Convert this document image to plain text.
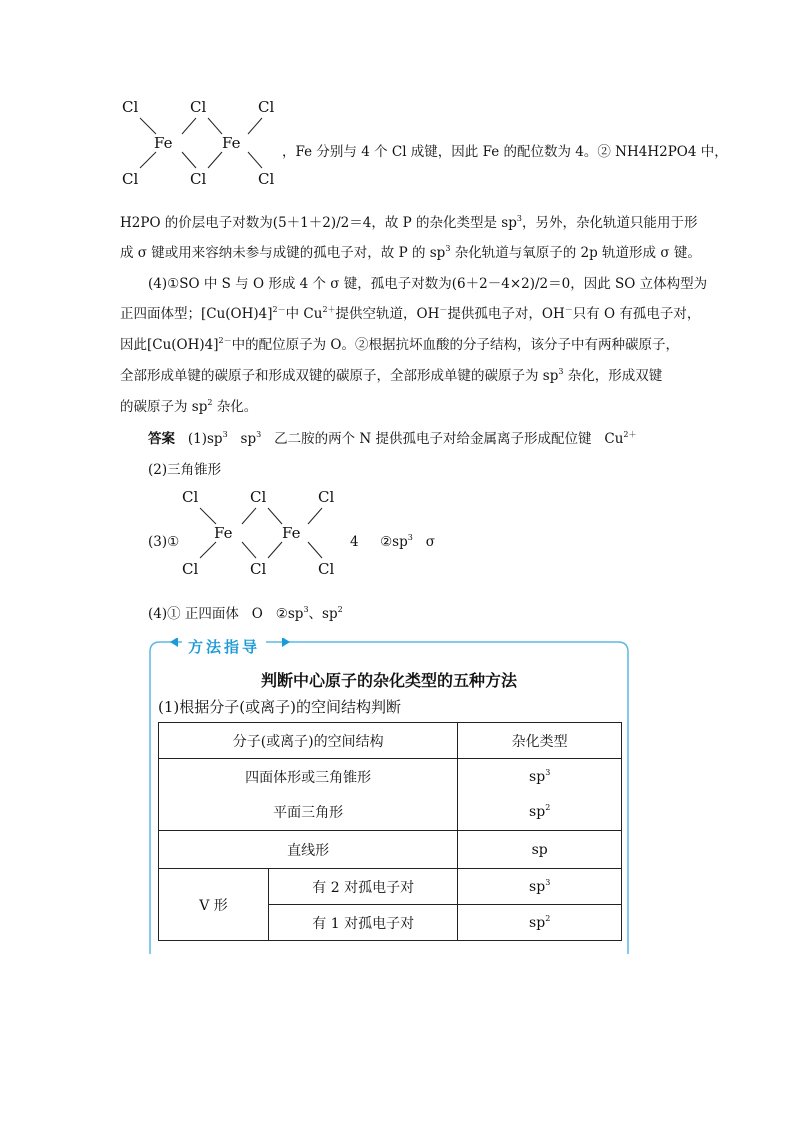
Cl	Cl	Cl
Fe	Fe
Cl	Cl	Cl
，Fe 分别与 4 个 Cl 成键，因此 Fe 的配位数为 4。② NH4H2PO4 中，
H2PO 的价层电子对数为(5＋1＋2)/2＝4，故 P 的杂化类型是 $sp^3$，另外，杂化轨道只能用于形
成 σ 键或用来容纳未参与成键的孤电子对，故 P 的 $sp^3$ 杂化轨道与氧原子的 2p 轨道形成 σ 键。
(4)①SO 中 S 与 O 形成 4 个 σ 键，孤电子对数为(6＋2－4×2)/2＝0，因此 SO 立体构型为
正四面体型；$[Cu(OH)4]^{2-}$中 $Cu^{2+}$提供空轨道，OH－提供孤电子对，OH－只有 O 有孤电子对，
因此$[Cu(OH)4]^{2-}$中的配位原子为 O。②根据抗坏血酸的分子结构，该分子中有两种碳原子，
全部形成单键的碳原子和形成双键的碳原子，全部形成单键的碳原子为 $sp^3$ 杂化，形成双键
的碳原子为 $sp^2$ 杂化。
答案 $(1)sp^3$ $sp^3$ 乙二胺的两个 N 提供孤电子对给金属离子形成配位键 $Cu^{2+}$
(2)三角锥形
(3)①
Cl	Cl	Cl
Fe	Fe
Cl	Cl	Cl
4 $②sp^3$ σ
(4)① 正四面体 O $②sp^3$、$sp^2$
方法指导
判断中心原子的杂化类型的五种方法
(1)根据分子(或离子)的空间结构判断
分子(或离子)的空间结构		杂化类型
四面体形或三角锥形		$sp^3$
平面三角形		$sp^2$
直线形		sp
V 形	有 2 对孤电子对	$sp^3$
	有 1 对孤电子对	$sp^2$
